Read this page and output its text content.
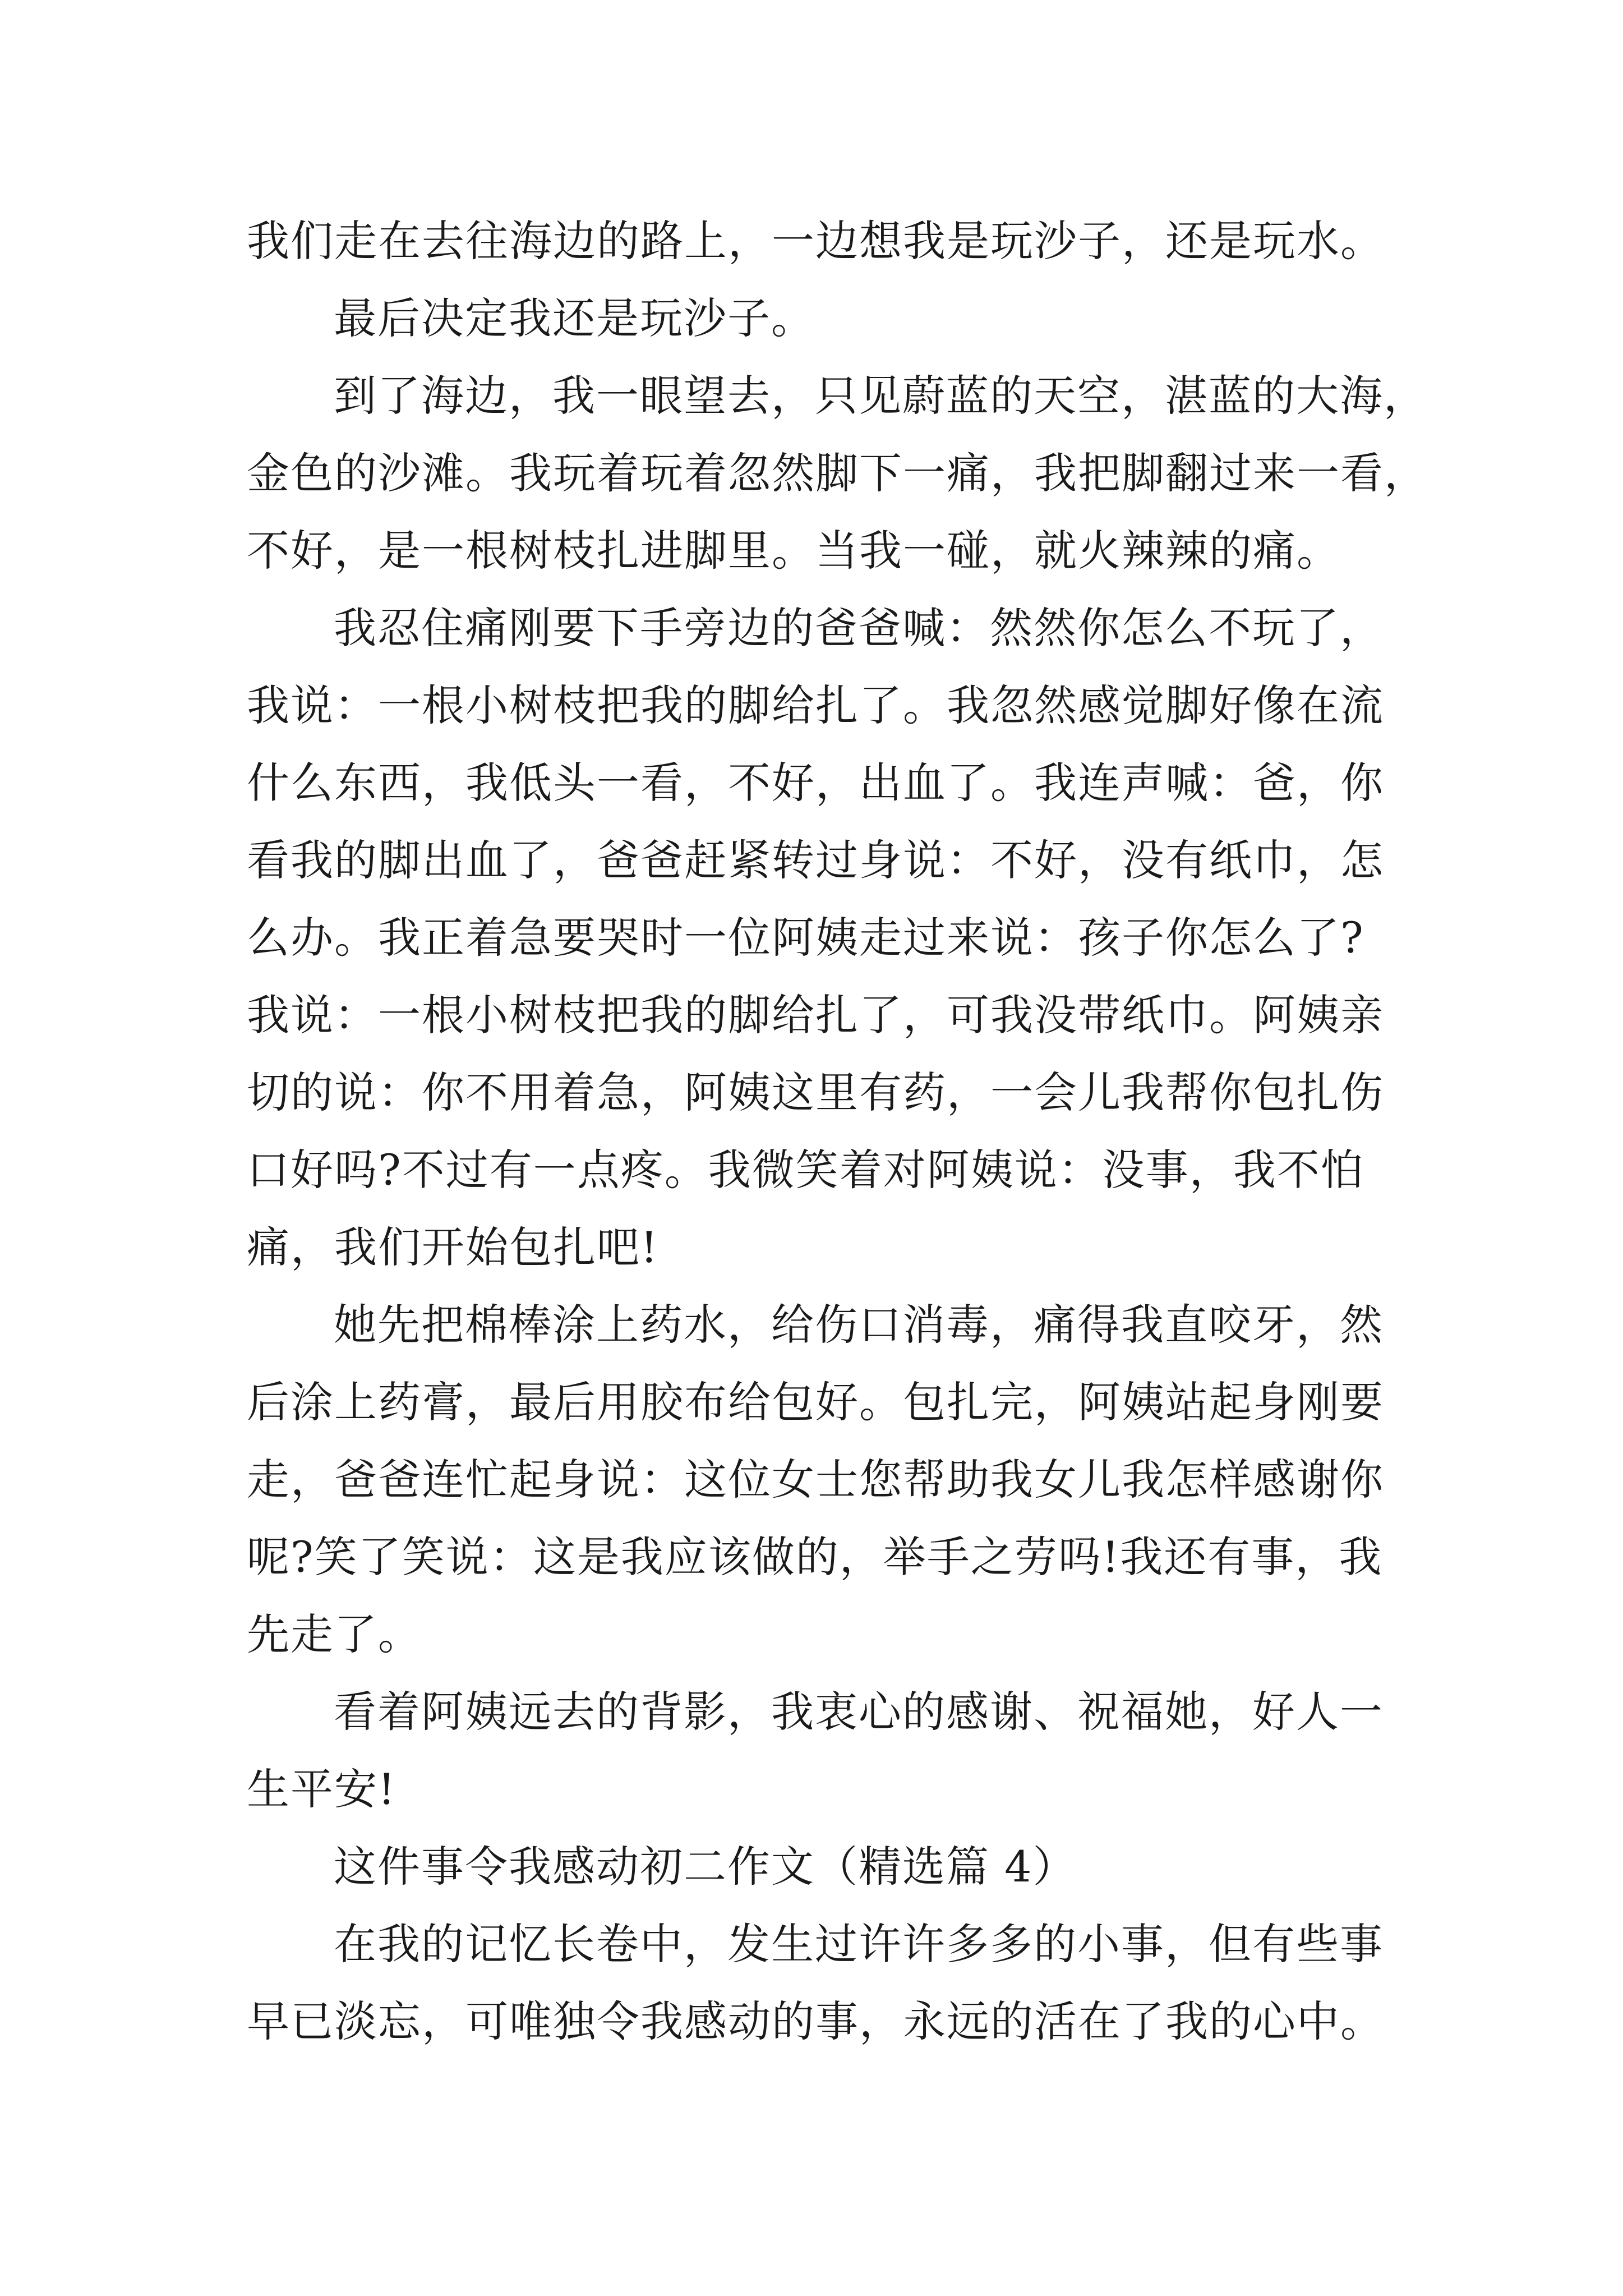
我们走在去往海边的路上，一边想我是玩沙子，还是玩水。

最后决定我还是玩沙子。

到了海边，我一眼望去，只见蔚蓝的天空，湛蓝的大海，

金色的沙滩。我玩着玩着忽然脚下一痛，我把脚翻过来一看，

不好，是一根树枝扎进脚里。当我一碰，就火辣辣的痛。

我忍住痛刚要下手旁边的爸爸喊：然然你怎么不玩了，

我说：一根小树枝把我的脚给扎了。我忽然感觉脚好像在流

什么东西，我低头一看，不好，出血了。我连声喊：爸，你

看我的脚出血了，爸爸赶紧转过身说：不好，没有纸巾，怎

么办。我正着急要哭时一位阿姨走过来说：孩子你怎么了?

我说：一根小树枝把我的脚给扎了，可我没带纸巾。阿姨亲

切的说：你不用着急，阿姨这里有药，一会儿我帮你包扎伤

口好吗?不过有一点疼。我微笑着对阿姨说：没事，我不怕

痛，我们开始包扎吧!

她先把棉棒涂上药水，给伤口消毒，痛得我直咬牙，然

后涂上药膏，最后用胶布给包好。包扎完，阿姨站起身刚要

走，爸爸连忙起身说：这位女士您帮助我女儿我怎样感谢你

呢?笑了笑说：这是我应该做的，举手之劳吗!我还有事，我

先走了。

看着阿姨远去的背影，我衷心的感谢、祝福她，好人一

生平安!

这件事令我感动初二作文（精选篇 4）

在我的记忆长卷中，发生过许许多多的小事，但有些事

早已淡忘，可唯独令我感动的事，永远的活在了我的心中。
